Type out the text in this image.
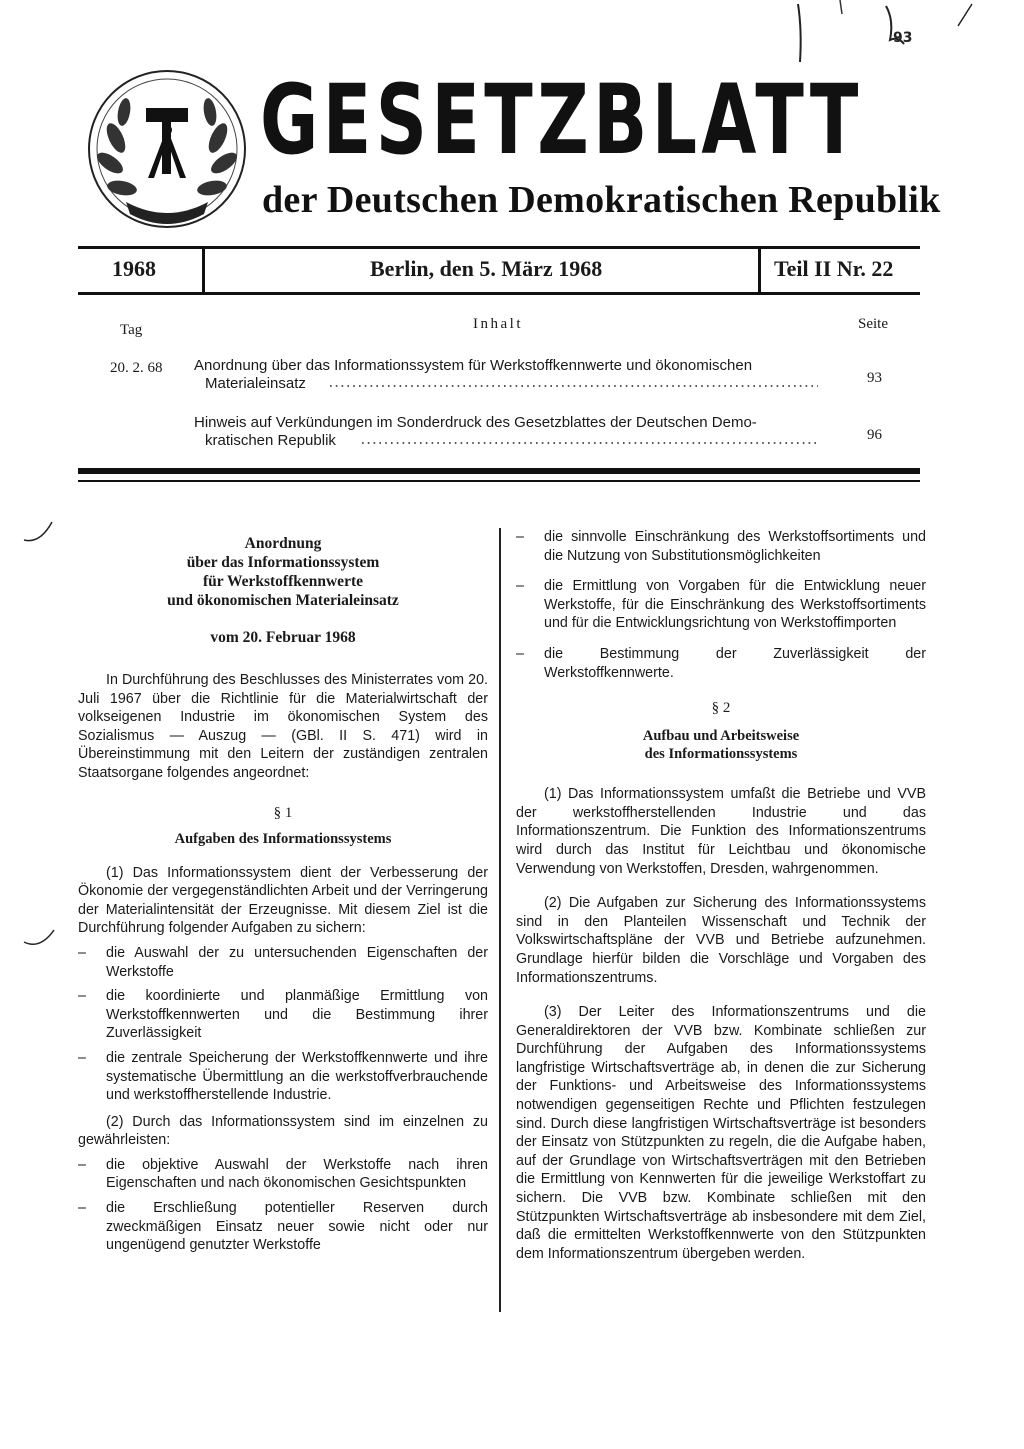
GESETZBLATT
der Deutschen Demokratischen Republik
93
1968	Berlin, den 5. März 1968	Teil II Nr. 22
Tag	Inhalt	Seite
20. 2. 68 Anordnung über das Informationssystem für Werkstoffkennwerte und ökonomischen
Materialeinsatz	93
Hinweis auf Verkündungen im Sonderdruck des Gesetzblattes der Deutschen Demo-
kratischen Republik	96
Anordnung
über das Informationssystem
für Werkstoffkennwerte
und ökonomischen Materialeinsatz
vom 20. Februar 1968

In Durchführung des Beschlusses des Ministerrates vom 20. Juli 1967 über die Richtlinie für die Materialwirtschaft der volkseigenen Industrie im ökonomischen System des Sozialismus — Auszug — (GBl. II S. 471) wird in Übereinstimmung mit den Leitern der zuständigen zentralen Staatsorgane folgendes angeordnet:

§ 1

Aufgaben des Informationssystems

(1) Das Informationssystem dient der Verbesserung der Ökonomie der vergegenständlichten Arbeit und der Verringerung der Materialintensität der Erzeugnisse. Mit diesem Ziel ist die Durchführung folgender Aufgaben zu sichern:

–	die Auswahl der zu untersuchenden Eigenschaften der Werkstoffe
–	die koordinierte und planmäßige Ermittlung von Werkstoffkennwerten und die Bestimmung ihrer Zuverlässigkeit
–	die zentrale Speicherung der Werkstoffkennwerte und ihre systematische Übermittlung an die werkstoffverbrauchende und werkstoffherstellende Industrie.

(2) Durch das Informationssystem sind im einzelnen zu gewährleisten:

–	die objektive Auswahl der Werkstoffe nach ihren Eigenschaften und nach ökonomischen Gesichtspunkten
–	die Erschließung potentieller Reserven durch zweckmäßigen Einsatz neuer sowie nicht oder nur ungenügend genutzter Werkstoffe
–	die sinnvolle Einschränkung des Werkstoffsortiments und die Nutzung von Substitutionsmöglichkeiten
–	die Ermittlung von Vorgaben für die Entwicklung neuer Werkstoffe, für die Einschränkung des Werkstoffsortiments und für die Entwicklungsrichtung von Werkstoffimporten
–	die Bestimmung der Zuverlässigkeit der Werkstoffkennwerte.

§ 2

Aufbau und Arbeitsweise

des Informationssystems

(1) Das Informationssystem umfaßt die Betriebe und VVB der werkstoffherstellenden Industrie und das Informationszentrum. Die Funktion des Informationszentrums wird durch das Institut für Leichtbau und ökonomische Verwendung von Werkstoffen, Dresden, wahrgenommen.

(2) Die Aufgaben zur Sicherung des Informationssystems sind in den Planteilen Wissenschaft und Technik der Volkswirtschaftspläne der VVB und Betriebe aufzunehmen. Grundlage hierfür bilden die Vorschläge und Vorgaben des Informationszentrums.

(3) Der Leiter des Informationszentrums und die Generaldirektoren der VVB bzw. Kombinate schließen zur Durchführung der Aufgaben des Informationssystems langfristige Wirtschaftsverträge ab, in denen die zur Sicherung der Funktions- und Arbeitsweise des Informationssystems notwendigen gegenseitigen Rechte und Pflichten festzulegen sind. Durch diese langfristigen Wirtschaftsverträge ist besonders der Einsatz von Stützpunkten zu regeln, die die Aufgabe haben, auf der Grundlage von Wirtschaftsverträgen mit den Betrieben die Ermittlung von Kennwerten für die jeweilige Werkstoffart zu sichern. Die VVB bzw. Kombinate schließen mit den Stützpunkten Wirtschaftsverträge ab insbesondere mit dem Ziel, daß die ermittelten Werkstoffkennwerte von den Stützpunkten dem Informationszentrum übergeben werden.
